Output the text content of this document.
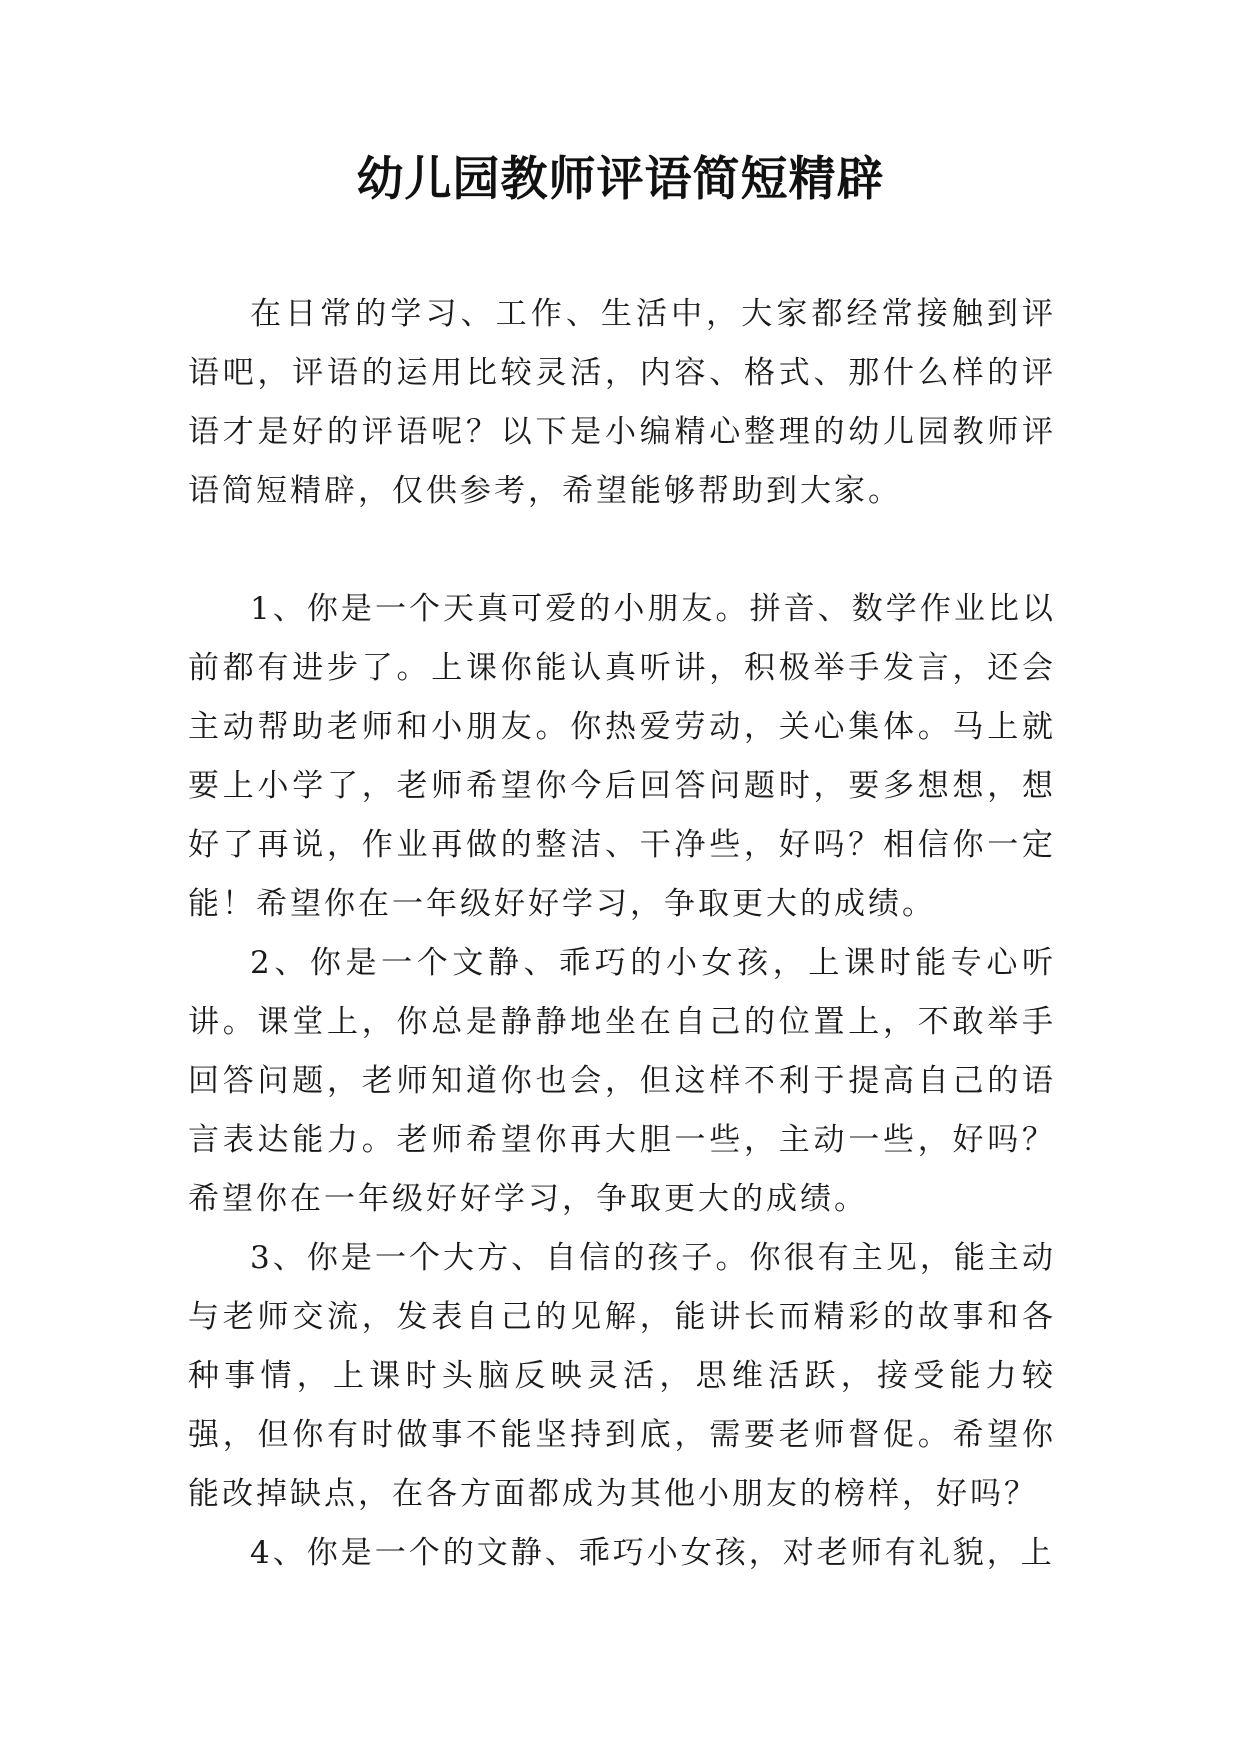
幼儿园教师评语简短精辟

在日常的学习、工作、生活中，大家都经常接触到评语吧，评语的运用比较灵活，内容、格式、那什么样的评语才是好的评语呢？以下是小编精心整理的幼儿园教师评语简短精辟，仅供参考，希望能够帮助到大家。

1、你是一个天真可爱的小朋友。拼音、数学作业比以前都有进步了。上课你能认真听讲，积极举手发言，还会主动帮助老师和小朋友。你热爱劳动，关心集体。马上就要上小学了，老师希望你今后回答问题时，要多想想，想好了再说，作业再做的整洁、干净些，好吗？相信你一定能！希望你在一年级好好学习，争取更大的成绩。

2、你是一个文静、乖巧的小女孩，上课时能专心听讲。课堂上，你总是静静地坐在自己的位置上，不敢举手回答问题，老师知道你也会，但这样不利于提高自己的语言表达能力。老师希望你再大胆一些，主动一些，好吗？希望你在一年级好好学习，争取更大的成绩。

3、你是一个大方、自信的孩子。你很有主见，能主动与老师交流，发表自己的见解，能讲长而精彩的故事和各种事情，上课时头脑反映灵活，思维活跃，接受能力较强，但你有时做事不能坚持到底，需要老师督促。希望你能改掉缺点，在各方面都成为其他小朋友的榜样，好吗？

4、你是一个的文静、乖巧小女孩，对老师有礼貌，上
